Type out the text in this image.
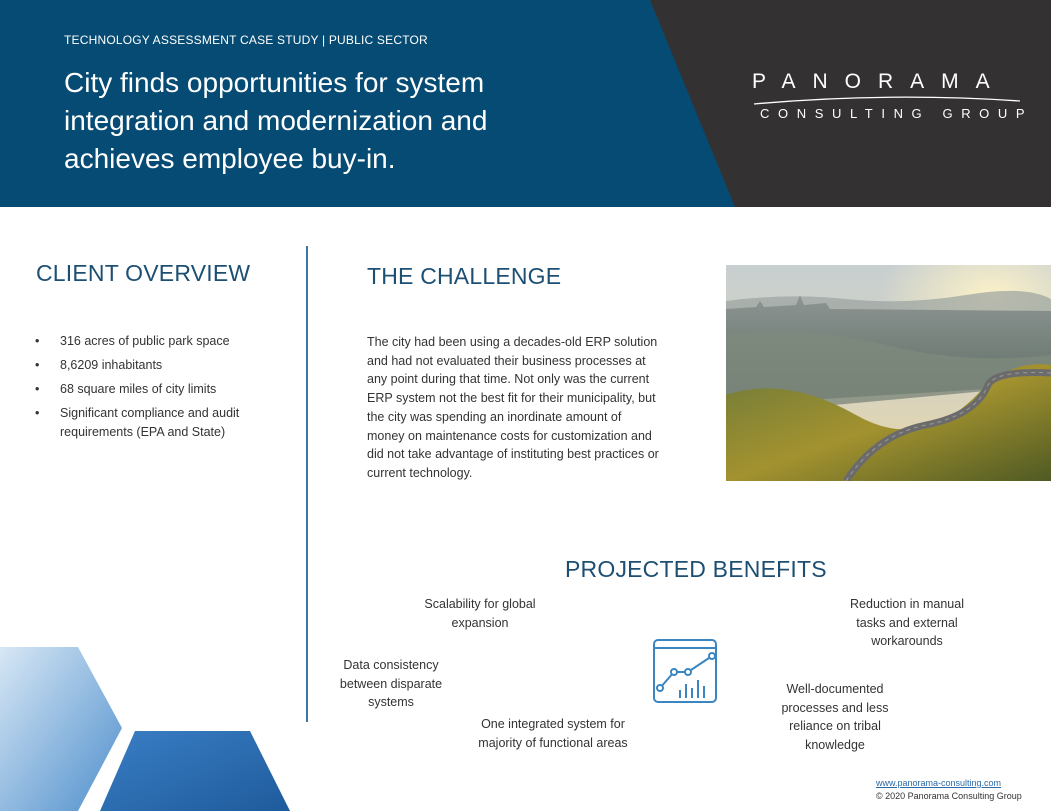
TECHNOLOGY ASSESSMENT CASE STUDY | PUBLIC SECTOR
City finds opportunities for system integration and modernization and achieves employee buy-in.
PANORAMA
CONSULTING GROUP
CLIENT OVERVIEW
• 316 acres of public park space
• 8,6209 inhabitants
• 68 square miles of city limits
• Significant compliance and audit requirements (EPA and State)
THE CHALLENGE
The city had been using a decades-old ERP solution and had not evaluated their business processes at any point during that time. Not only was the current ERP system not the best fit for their municipality, but the city was spending an inordinate amount of money on maintenance costs for customization and did not take advantage of instituting best practices or current technology.
PROJECTED BENEFITS
Scalability for global expansion
Reduction in manual tasks and external workarounds
Data consistency between disparate systems
Well-documented processes and less reliance on tribal knowledge
One integrated system for majority of functional areas
www.panorama-consulting.com
© 2020 Panorama Consulting Group
